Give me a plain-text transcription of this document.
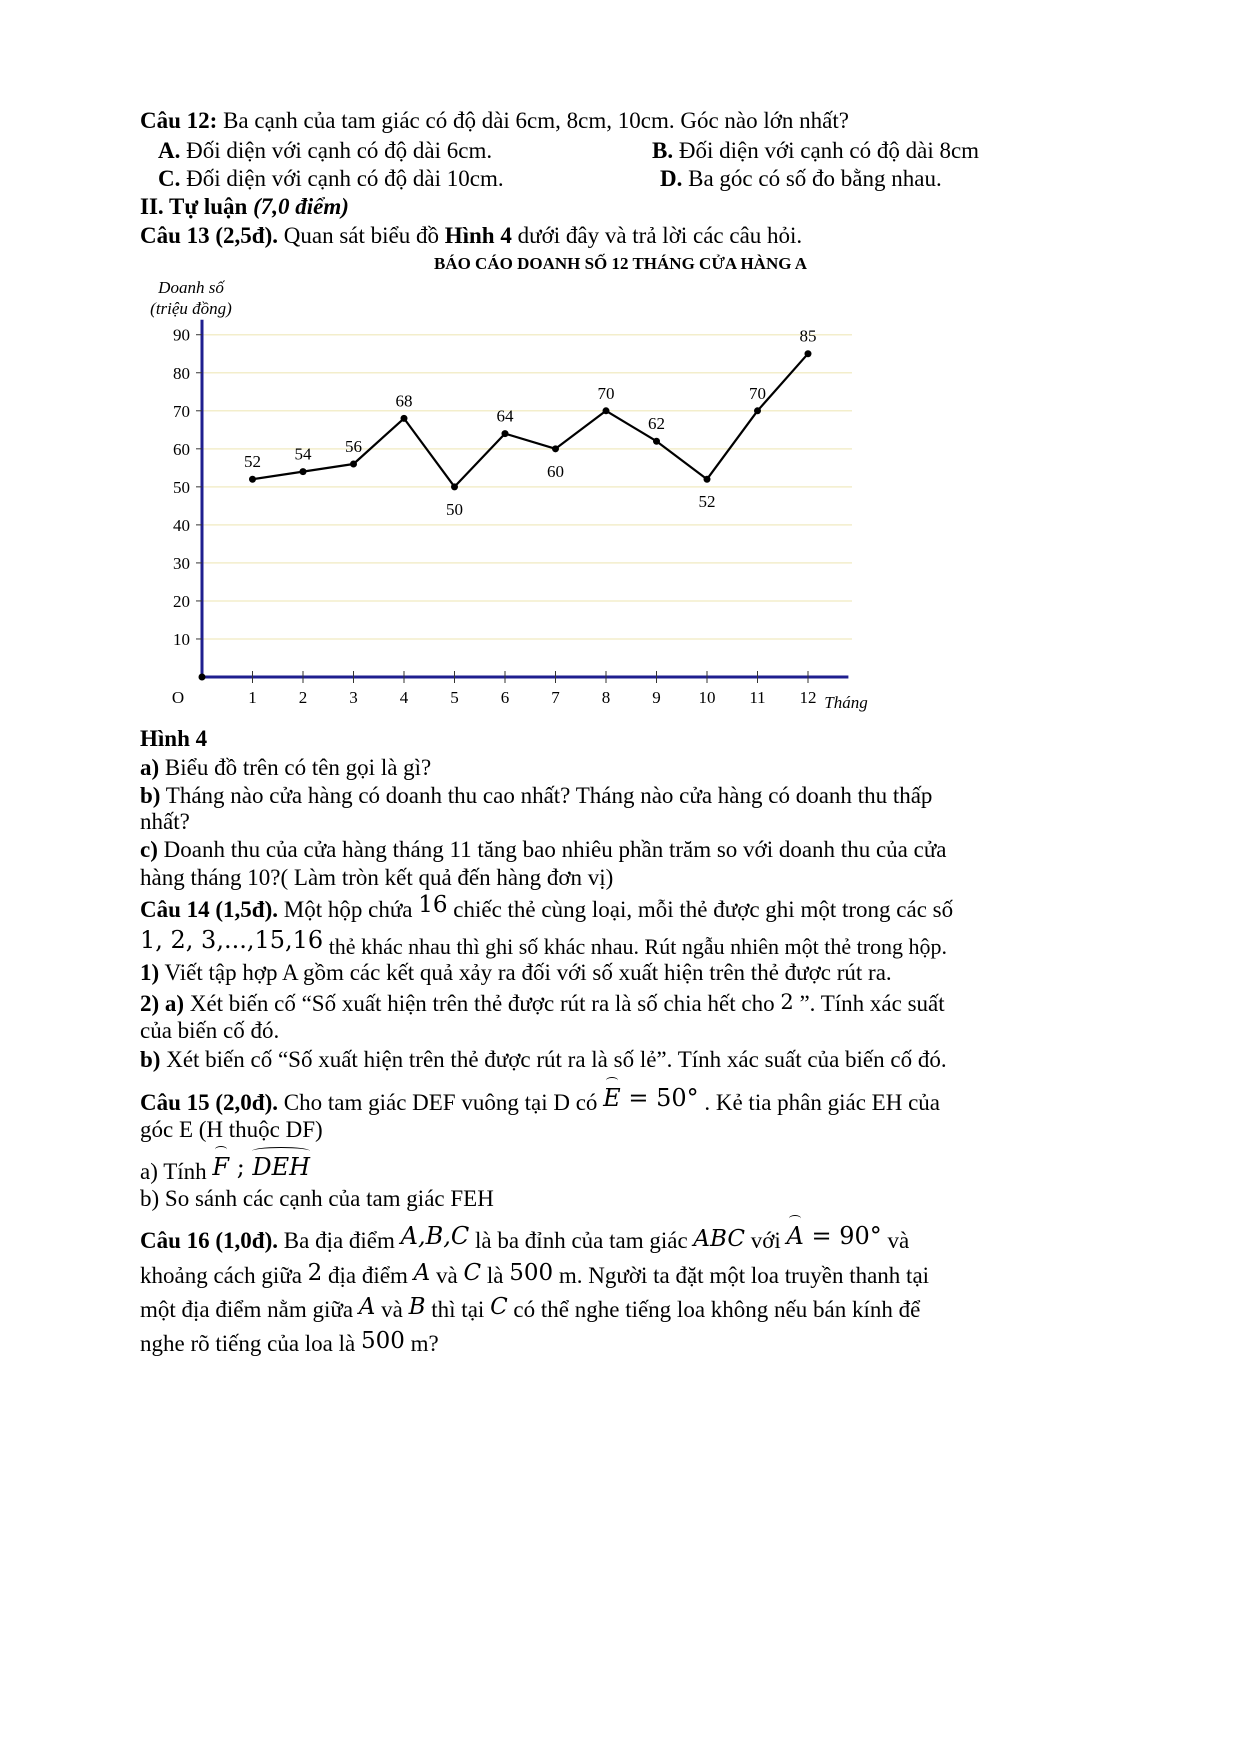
Câu 12: Ba cạnh của tam giác có độ dài 6cm, 8cm, 10cm. Góc nào lớn nhất?
A. Đối diện với cạnh có độ dài 6cm.	B. Đối diện với cạnh có độ dài 8cm
C. Đối diện với cạnh có độ dài 10cm.	D. Ba góc có số đo bằng nhau.
II. Tự luận (7,0 điểm)
Câu 13 (2,5đ). Quan sát biểu đồ Hình 4 dưới đây và trả lời các câu hỏi.
BÁO CÁO DOANH SỐ 12 THÁNG CỬA HÀNG A
10
20
30
40
50
60
70
80
90
1 2 3 4 5 6 7 8 9 10 11 12
O
Doanh số
(triệu đồng)
Tháng
52 54 56
68
50
64
60
70
62
52
70
85
Hình 4
a) Biểu đồ trên có tên gọi là gì?
b) Tháng nào cửa hàng có doanh thu cao nhất? Tháng nào cửa hàng có doanh thu thấp
nhất?
c) Doanh thu của cửa hàng tháng 11 tăng bao nhiêu phần trăm so với doanh thu của cửa
hàng tháng 10?( Làm tròn kết quả đến hàng đơn vị)
Câu 14 (1,5đ). Một hộp chứa 16 chiếc thẻ cùng loại, mỗi thẻ được ghi một trong các số
1, 2, 3,...,15,16 thẻ khác nhau thì ghi số khác nhau. Rút ngẫu nhiên một thẻ trong hộp.
1) Viết tập hợp A gồm các kết quả xảy ra đối với số xuất hiện trên thẻ được rút ra.
2) a) Xét biến cố “Số xuất hiện trên thẻ được rút ra là số chia hết cho 2 ”. Tính xác suất
của biến cố đó.
b) Xét biến cố “Số xuất hiện trên thẻ được rút ra là số lẻ”. Tính xác suất của biến cố đó.
Câu 15 (2,0đ). Cho tam giác DEF vuông tại D có E = 50° . Kẻ tia phân giác EH của
góc E (H thuộc DF)
a) Tính F ; DEH
b) So sánh các cạnh của tam giác FEH
Câu 16 (1,0đ). Ba địa điểm A,B,C là ba đỉnh của tam giác ABC với A = 90° và
khoảng cách giữa 2 địa điểm A và C là 500 m. Người ta đặt một loa truyền thanh tại
một địa điểm nằm giữa A và B thì tại C có thể nghe tiếng loa không nếu bán kính để
nghe rõ tiếng của loa là 500 m?
